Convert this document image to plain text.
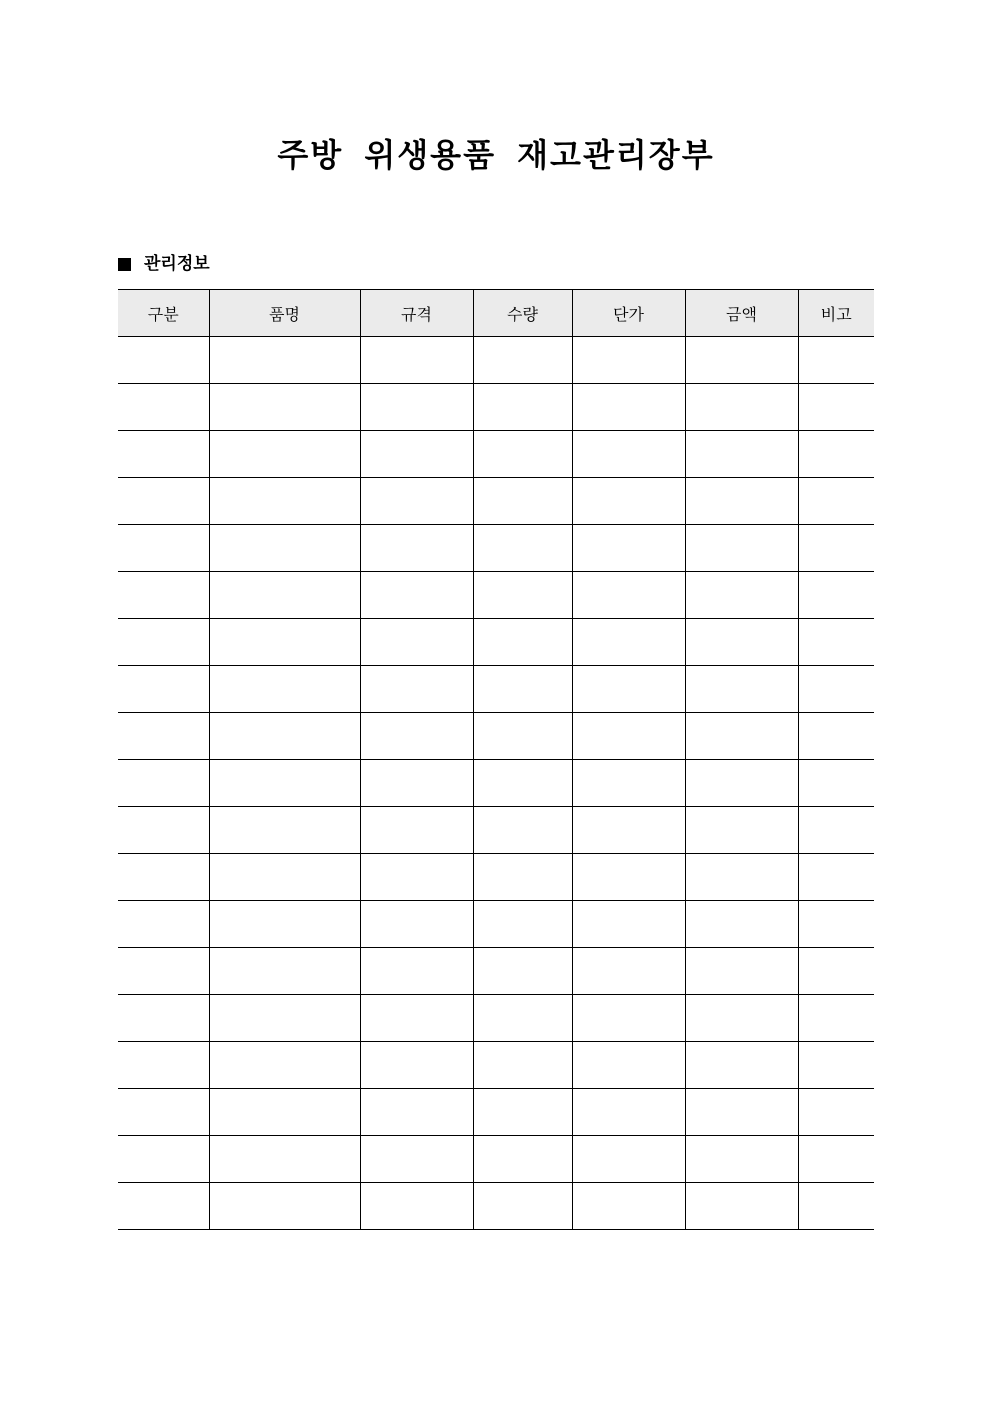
주방 위생용품 재고관리장부
관리정보
구분	품명	규격	수량	단가	금액	비고
